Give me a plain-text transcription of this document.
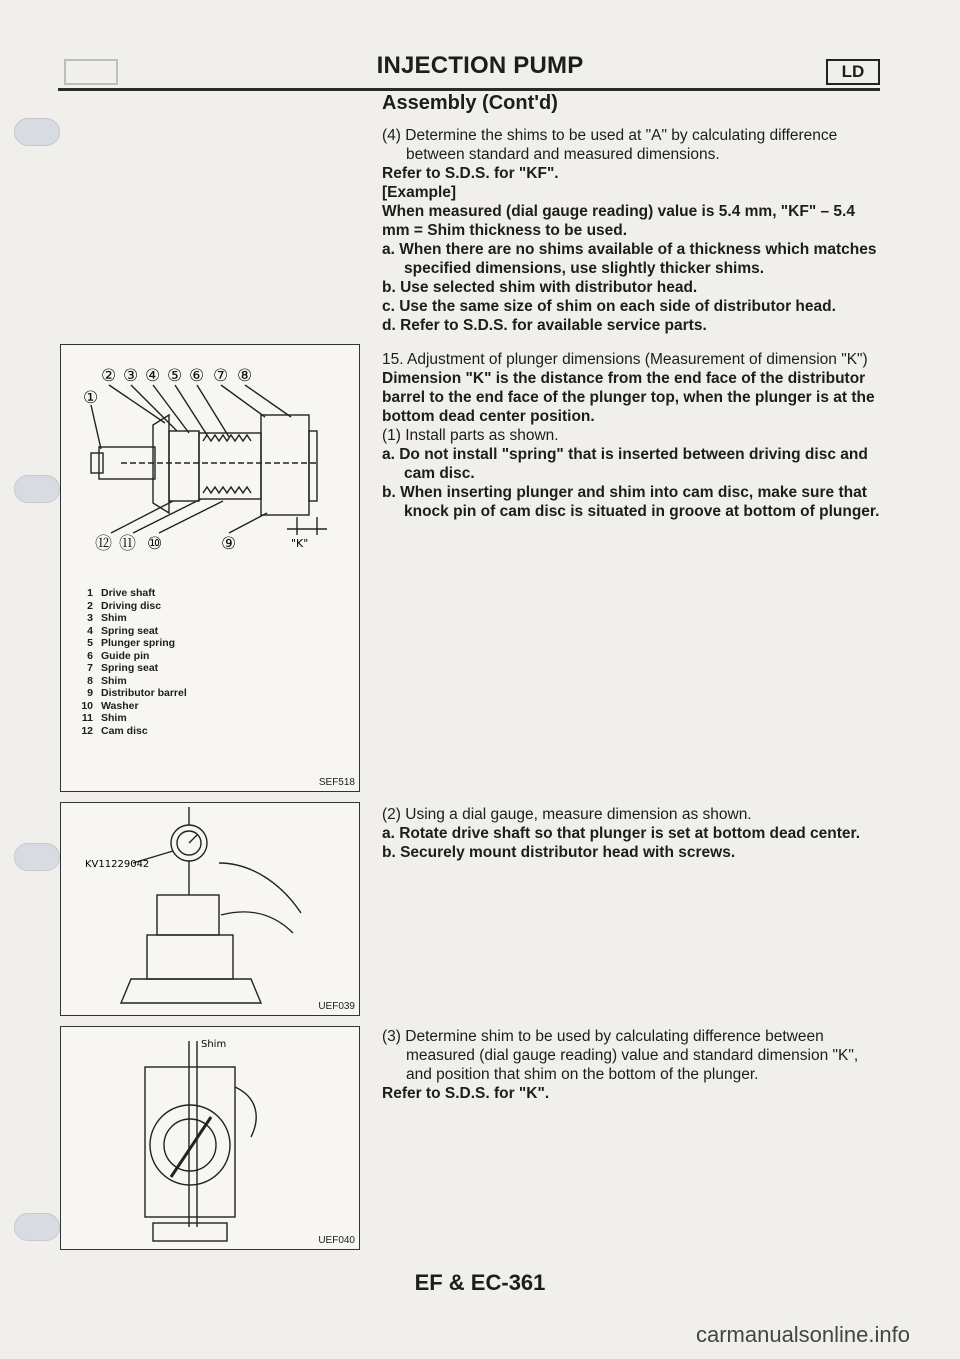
INJECTION PUMP	LD
Assembly (Cont'd)

(4) Determine the shims to be used at "A" by calculating difference between standard and measured dimensions.

Refer to S.D.S. for "KF".

[Example]

When measured (dial gauge reading) value is 5.4 mm, "KF" – 5.4 mm = Shim thickness to be used.

a. When there are no shims available of a thickness which matches specified dimensions, use slightly thicker shims.

b. Use selected shim with distributor head.

c. Use the same size of shim on each side of distributor head.

d. Refer to S.D.S. for available service parts.

15. Adjustment of plunger dimensions (Measurement of dimension "K")

Dimension "K" is the distance from the end face of the distributor barrel to the end face of the plunger top, when the plunger is at the bottom dead center position.

(1) Install parts as shown.

a. Do not install "spring" that is inserted between driving disc and cam disc.

b. When inserting plunger and shim into cam disc, make sure that knock pin of cam disc is situated in groove at bottom of plunger.

(2) Using a dial gauge, measure dimension as shown.

a. Rotate drive shaft so that plunger is set at bottom dead center.

b. Securely mount distributor head with screws.

(3) Determine shim to be used by calculating difference between measured (dial gauge reading) value and standard dimension "K", and position that shim on the bottom of the plunger.

Refer to S.D.S. for "K".

② ③ ④ ⑤ ⑥ ⑦ ⑧
①
⑫ ⑪ ⑩	⑨	"K"
1 Drive shaft
2 Driving disc
3 Shim
4 Spring seat
5 Plunger spring
6 Guide pin
7 Spring seat
8 Shim
9 Distributor barrel
10 Washer
11 Shim
12 Cam disc
SEF518
KV11229042
UEF039
Shim
UEF040
EF & EC-361
carmanualsonline.info
